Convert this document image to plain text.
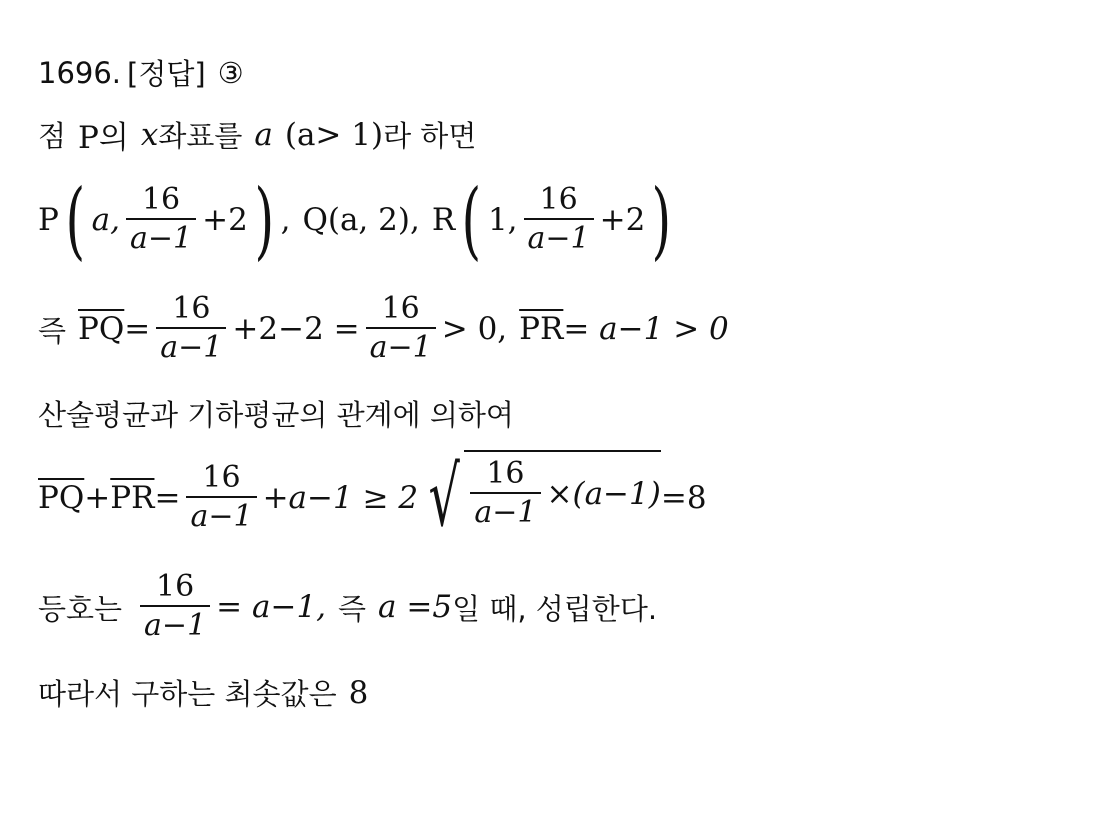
1696. [정답] ③
점 P의 x 좌표를 a (a> 1) 라 하면
P ( a, $\frac{16}{a-1} +2$ ) , Q (a, 2), R ( 1, $\frac{16}{a-1} +2$ )
즉 $\overline{PQ} = \frac{16}{a-1} +2-2 = \frac{16}{a-1} > 0$, $\overline{PR} = a-1 > 0$
산술평균과 기하평균의 관계에 의하여
$\overline{PQ} + \overline{PR} = \frac{16}{a-1} +a-1 \ge 2$ √ $\frac{16}{a-1} \times(a-1) =8$
등호는 $\frac{16}{a-1} = a-1$, 즉 a =5 일 때, 성립한다.
따라서 구하는 최솟값은 8
